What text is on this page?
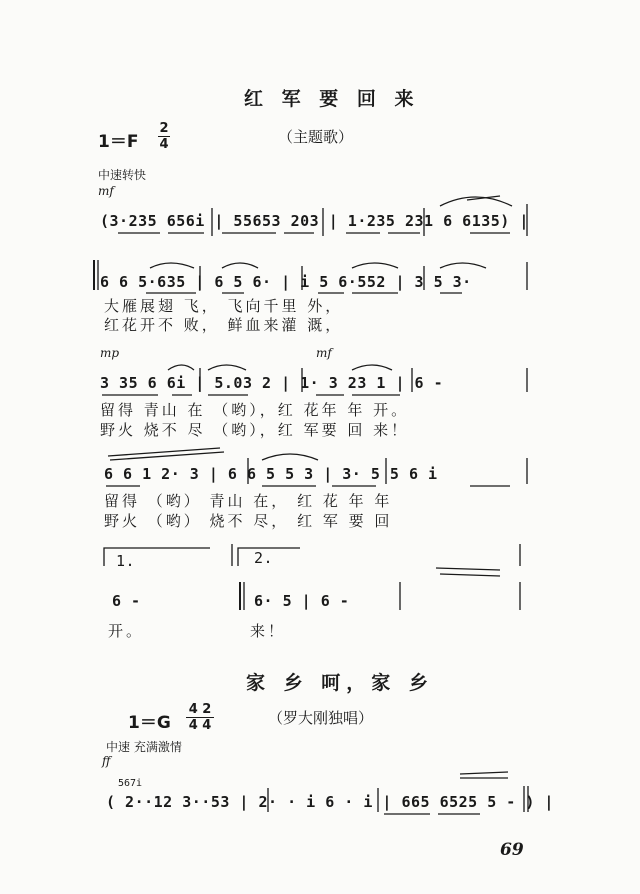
红 军 要 回 来
1＝F
2
4	（主题歌）
中速转快
mf
(3·235 656i | 55653 203 | 1·235 231 6 6135) |
6 6 5·635 | 6 5 6· | i 5 6·552 | 3 5 3·
大雁展翅 飞， 飞向千里 外，
红花开不 败， 鲜血来灌 溉，
mp	mf
3 35 6 6i | 5.03 2 | 1· 3 23 1 | 6 -
留得 青山 在 （哟），红 花年 年 开。
野火 烧不 尽 （哟），红 军要 回 来！
6 6 1 2· 3 | 6 6 5 5 3 | 3· 5 5 6 i
留得 （哟） 青山 在， 红 花 年 年
野火 （哟） 烧不 尽， 红 军 要 回
1.	2.
6 -	6· 5 | 6 -
开。	来！
家 乡 呵，家 乡
1＝G
4 2
4 4	（罗大刚独唱）
中速 充满激情
ff
567i
( 2··12 3··53 | 2· · i 6 · i | 665 6525 5 - ) |
69
